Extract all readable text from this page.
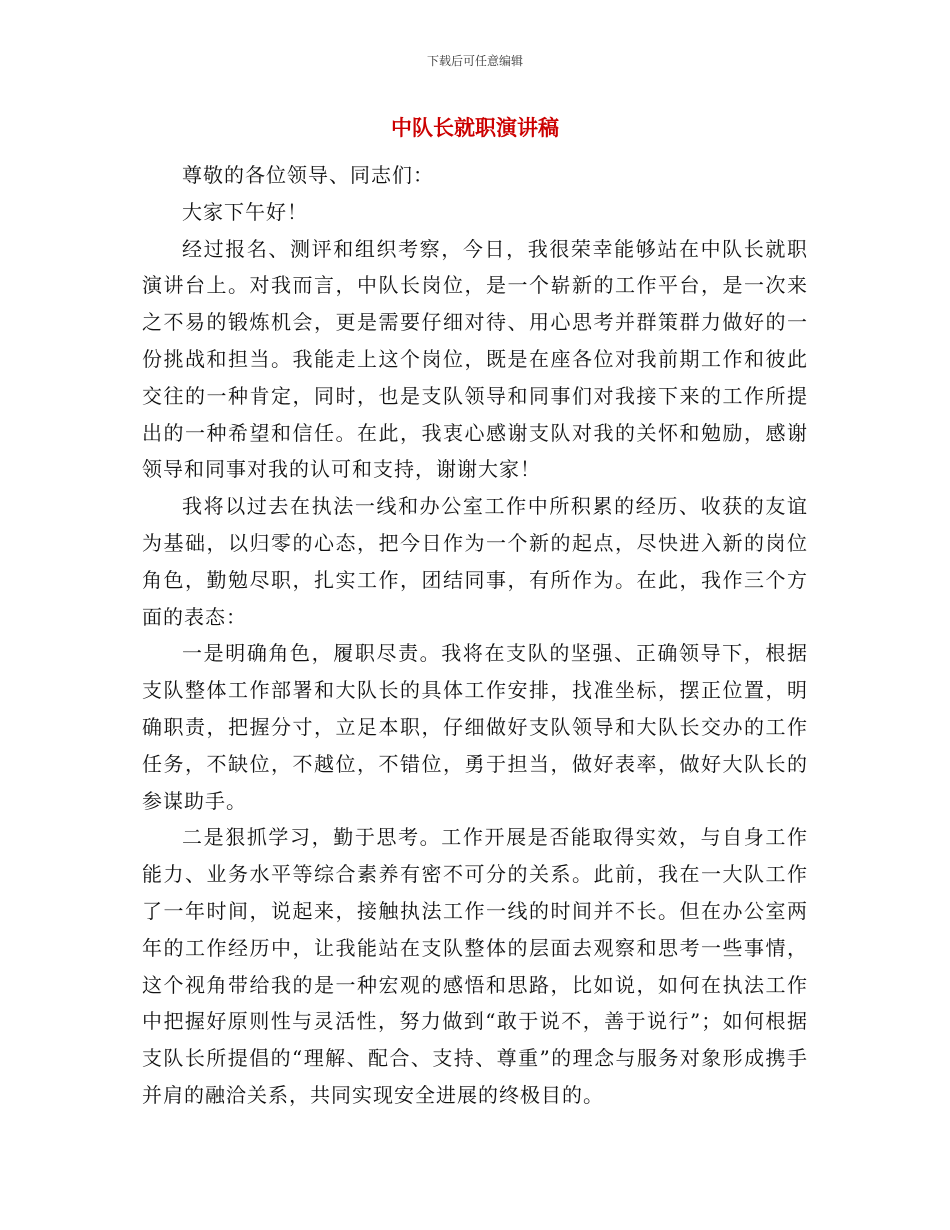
下载后可任意编辑
中队长就职演讲稿

尊敬的各位领导、同志们：

大家下午好！

经过报名、测评和组织考察，今日，我很荣幸能够站在中队长就职演讲台上。对我而言，中队长岗位，是一个崭新的工作平台，是一次来之不易的锻炼机会，更是需要仔细对待、用心思考并群策群力做好的一份挑战和担当。我能走上这个岗位，既是在座各位对我前期工作和彼此交往的一种肯定，同时，也是支队领导和同事们对我接下来的工作所提出的一种希望和信任。在此，我衷心感谢支队对我的关怀和勉励，感谢领导和同事对我的认可和支持，谢谢大家！

我将以过去在执法一线和办公室工作中所积累的经历、收获的友谊为基础，以归零的心态，把今日作为一个新的起点，尽快进入新的岗位角色，勤勉尽职，扎实工作，团结同事，有所作为。在此，我作三个方面的表态：

一是明确角色，履职尽责。我将在支队的坚强、正确领导下，根据支队整体工作部署和大队长的具体工作安排，找准坐标，摆正位置，明确职责，把握分寸，立足本职，仔细做好支队领导和大队长交办的工作任务，不缺位，不越位，不错位，勇于担当，做好表率，做好大队长的参谋助手。

二是狠抓学习，勤于思考。工作开展是否能取得实效，与自身工作能力、业务水平等综合素养有密不可分的关系。此前，我在一大队工作了一年时间，说起来，接触执法工作一线的时间并不长。但在办公室两年的工作经历中，让我能站在支队整体的层面去观察和思考一些事情，这个视角带给我的是一种宏观的感悟和思路，比如说，如何在执法工作中把握好原则性与灵活性，努力做到“敢于说不，善于说行”；如何根据支队长所提倡的“理解、配合、支持、尊重”的理念与服务对象形成携手并肩的融洽关系，共同实现安全进展的终极目的。
